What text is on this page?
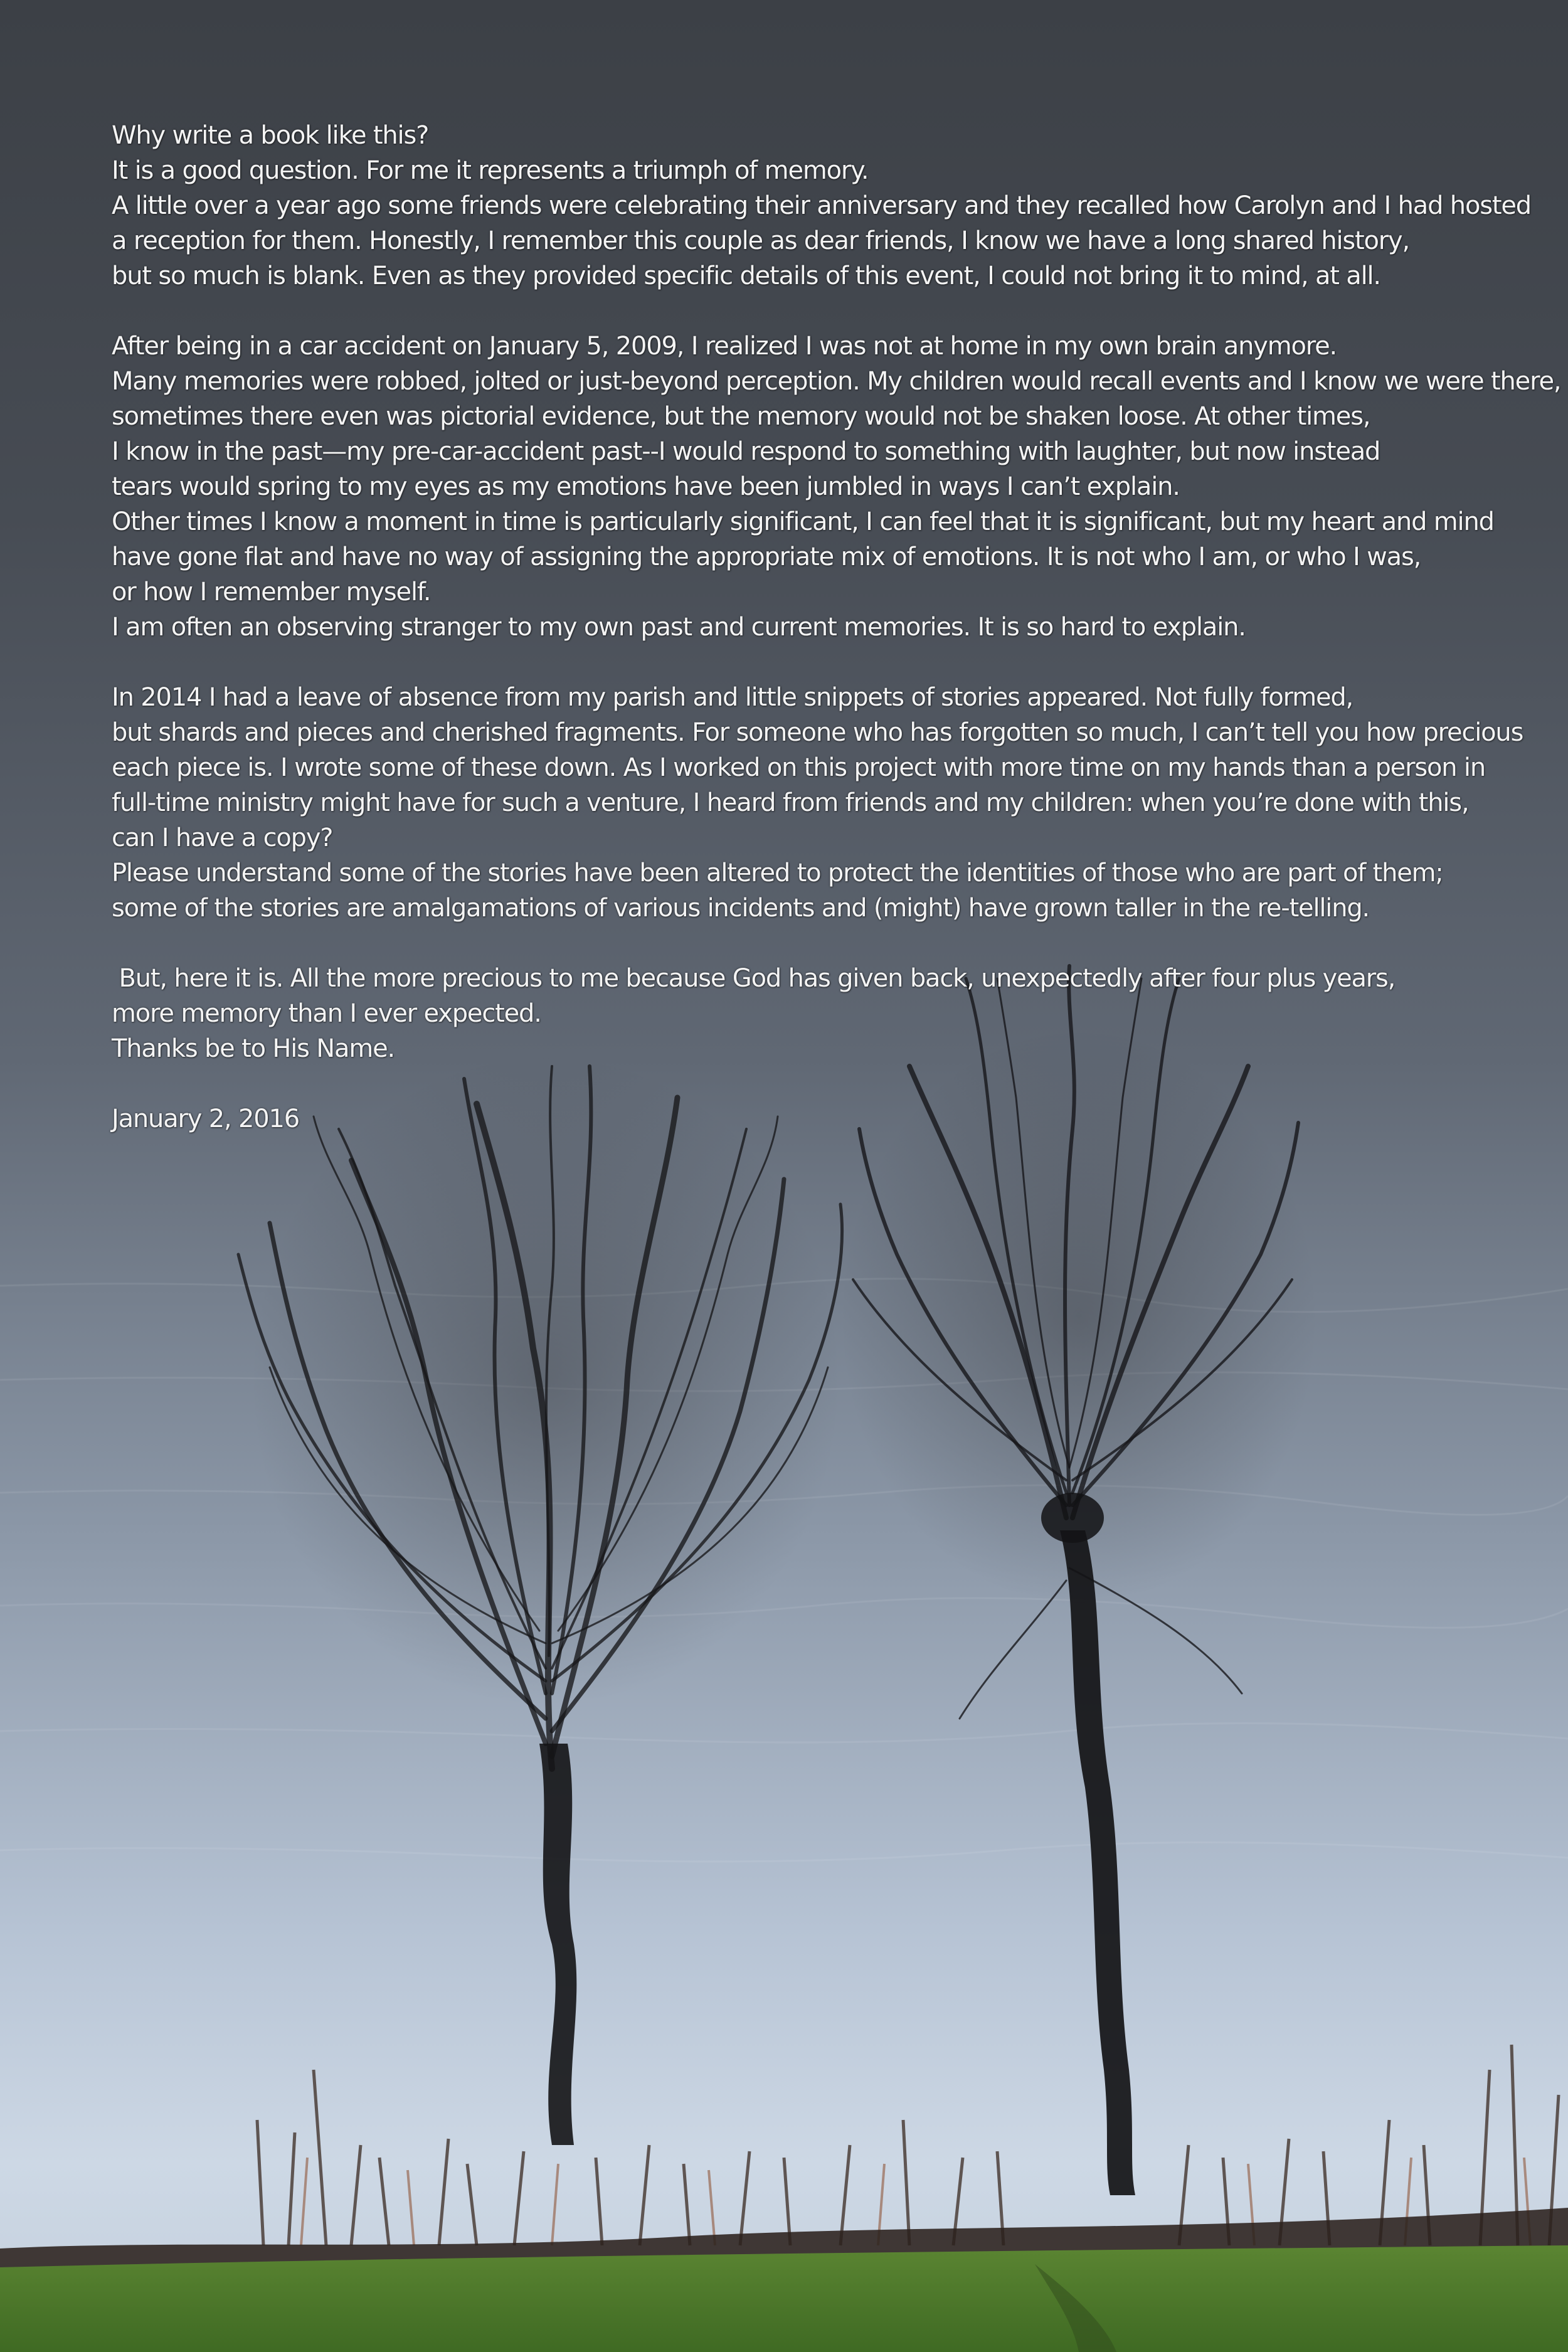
Why write a book like this?
It is a good question. For me it represents a triumph of memory.
A little over a year ago some friends were celebrating their anniversary and they recalled how Carolyn and I had hosted
a reception for them. Honestly, I remember this couple as dear friends, I know we have a long shared history,
but so much is blank. Even as they provided specific details of this event, I could not bring it to mind, at all.
After being in a car accident on January 5, 2009, I realized I was not at home in my own brain anymore.
Many memories were robbed, jolted or just-beyond perception. My children would recall events and I know we were there,
sometimes there even was pictorial evidence, but the memory would not be shaken loose. At other times,
I know in the past—my pre-car-accident past--I would respond to something with laughter, but now instead
tears would spring to my eyes as my emotions have been jumbled in ways I can’t explain.
Other times I know a moment in time is particularly significant, I can feel that it is significant, but my heart and mind
have gone flat and have no way of assigning the appropriate mix of emotions. It is not who I am, or who I was,
or how I remember myself.
I am often an observing stranger to my own past and current memories. It is so hard to explain.
In 2014 I had a leave of absence from my parish and little snippets of stories appeared. Not fully formed,
but shards and pieces and cherished fragments. For someone who has forgotten so much, I can’t tell you how precious
each piece is. I wrote some of these down. As I worked on this project with more time on my hands than a person in
full-time ministry might have for such a venture, I heard from friends and my children: when you’re done with this,
can I have a copy?
Please understand some of the stories have been altered to protect the identities of those who are part of them;
some of the stories are amalgamations of various incidents and (might) have grown taller in the re-telling.
But, here it is. All the more precious to me because God has given back, unexpectedly after four plus years,
more memory than I ever expected.
Thanks be to His Name.
January 2, 2016
